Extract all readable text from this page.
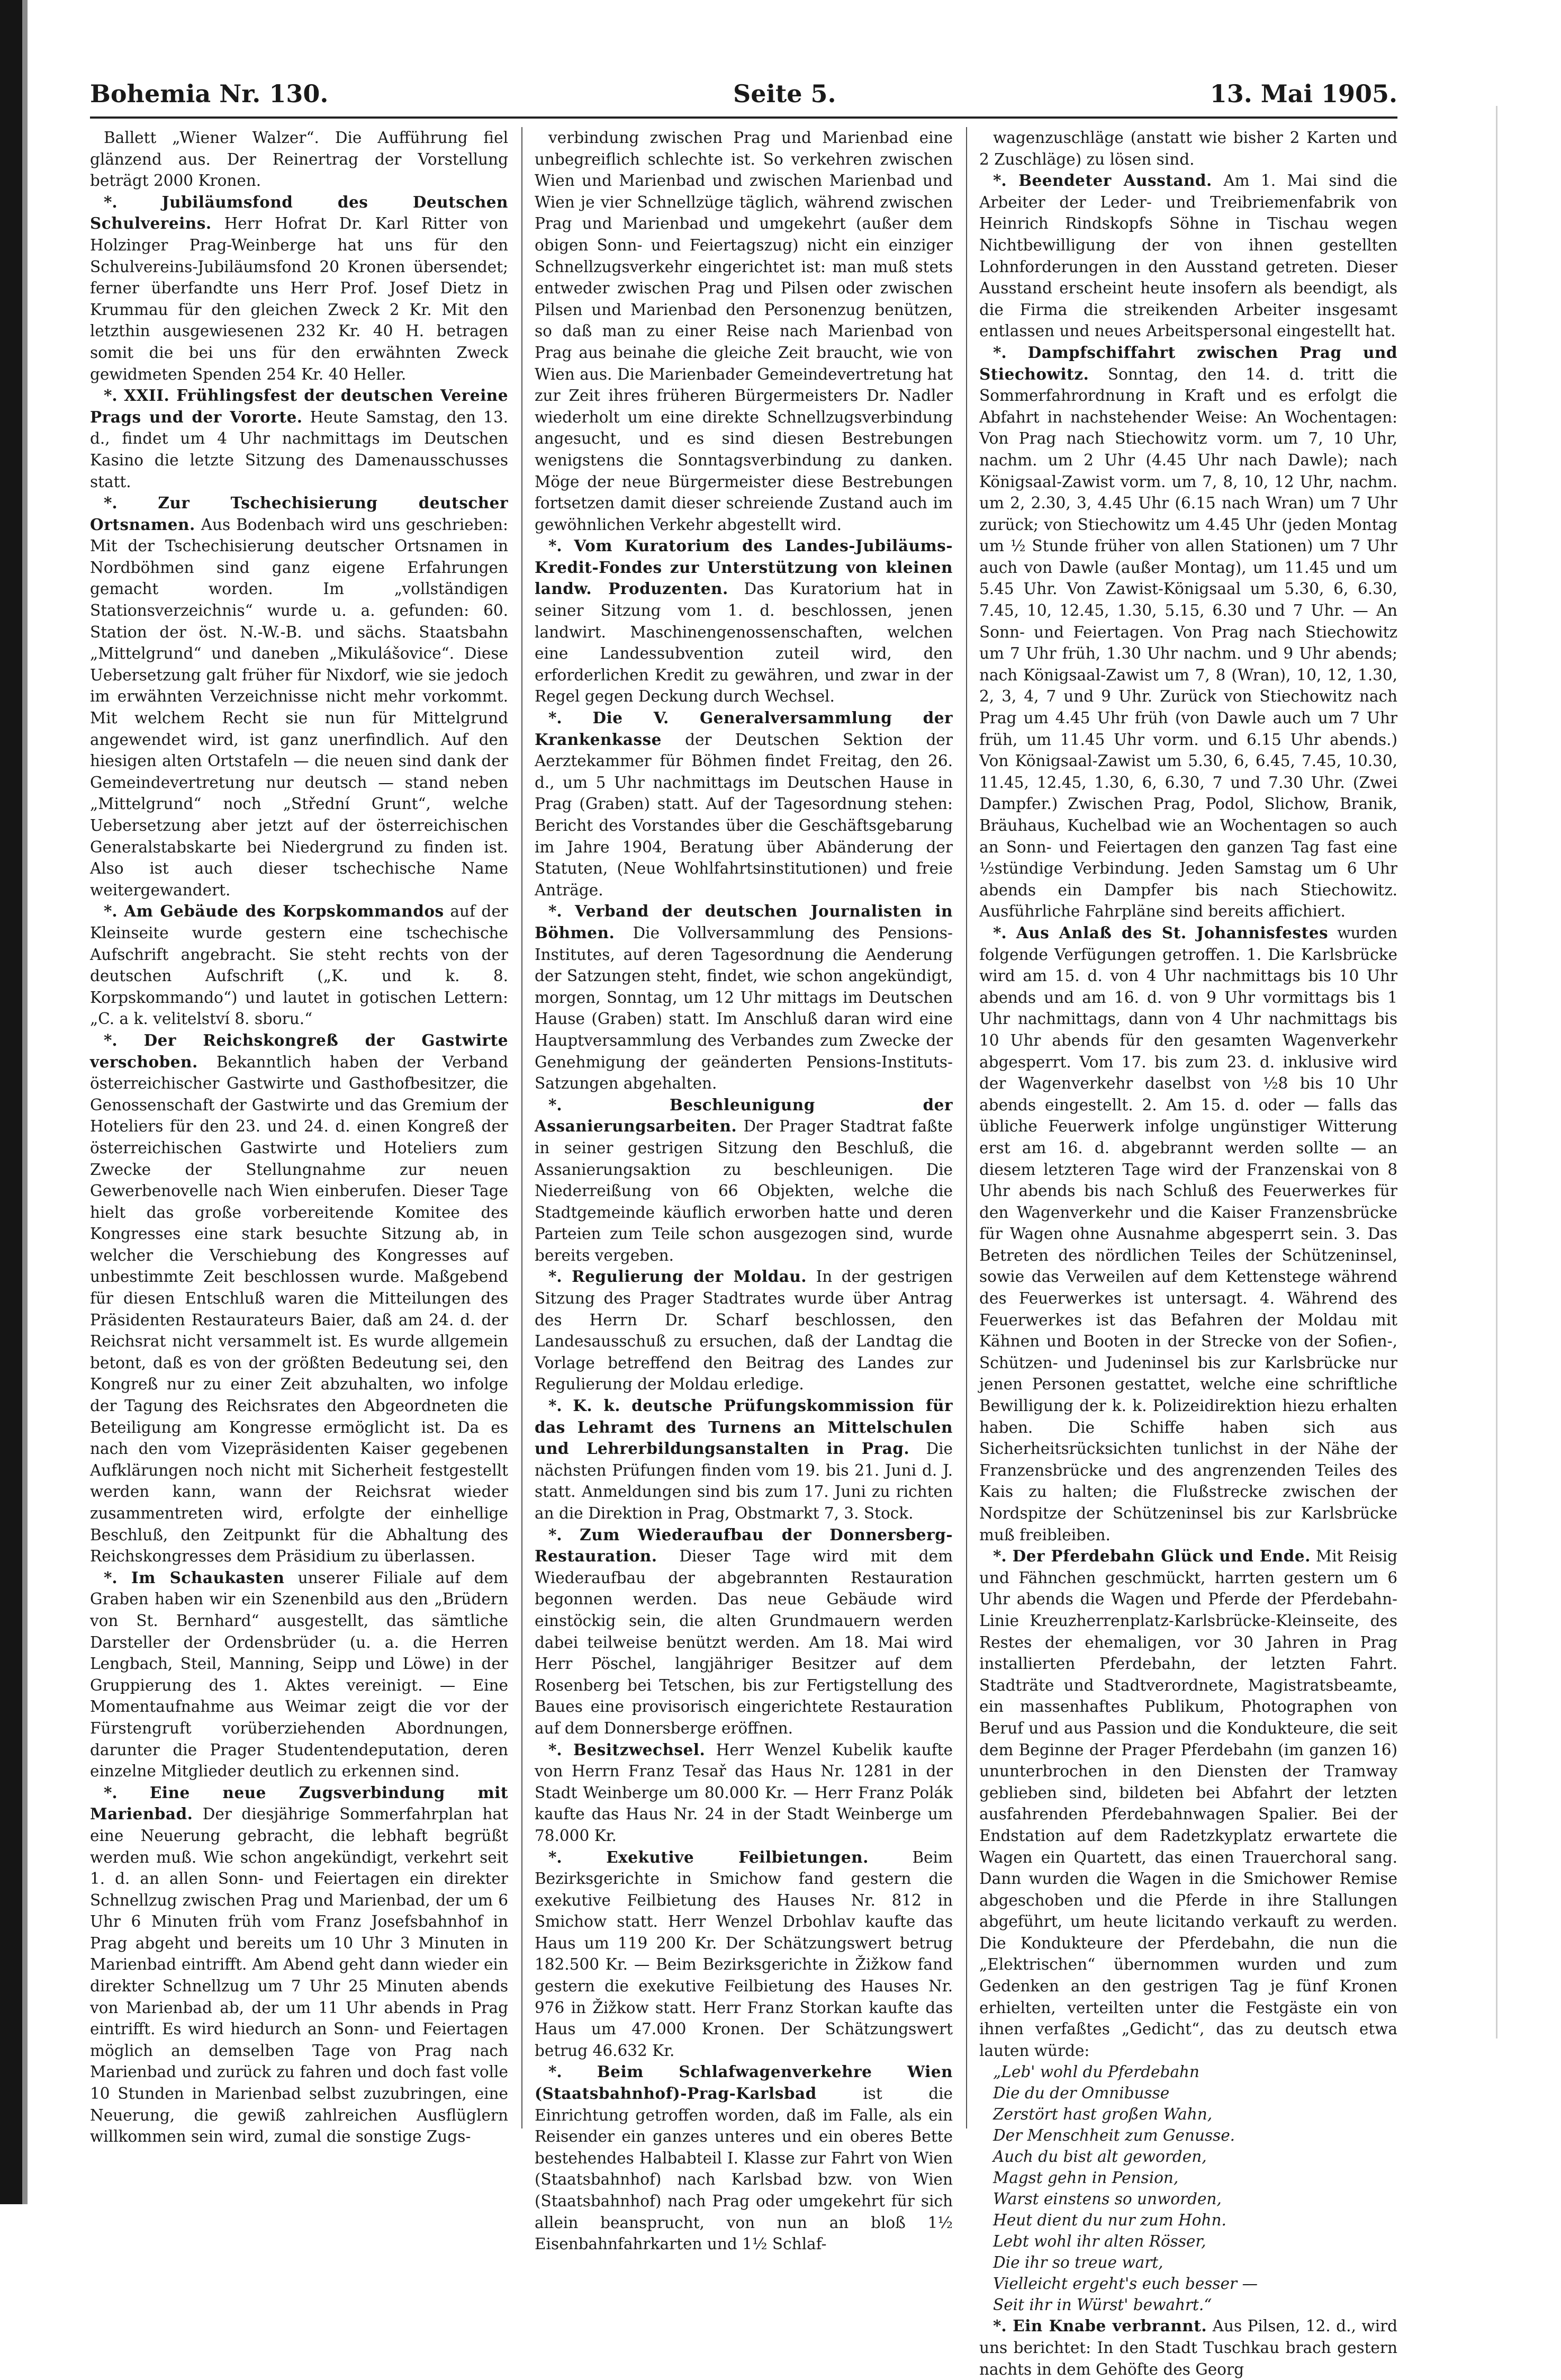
Bohemia Nr. 130.	Seite 5.	13. Mai 1905.

Ballett „Wiener Walzer“. Die Aufführung fiel glänzend aus. Der Reinertrag der Vorstellung beträgt 2000 Kronen.

*. Jubiläumsfond des Deutschen Schulvereins. Herr Hofrat Dr. Karl Ritter von Holzinger Prag-Weinberge hat uns für den Schulvereins-Jubiläumsfond 20 Kronen übersendet; ferner überfandte uns Herr Prof. Josef Dietz in Krummau für den gleichen Zweck 2 Kr. Mit den letzthin ausgewiesenen 232 Kr. 40 H. betragen somit die bei uns für den erwähnten Zweck gewidmeten Spenden 254 Kr. 40 Heller.

*. XXII. Frühlingsfest der deutschen Vereine Prags und der Vororte. Heute Samstag, den 13. d., findet um 4 Uhr nachmittags im Deutschen Kasino die letzte Sitzung des Damenausschusses statt.

*. Zur Tschechisierung deutscher Ortsnamen. Aus Bodenbach wird uns geschrieben: Mit der Tschechisierung deutscher Ortsnamen in Nordböhmen sind ganz eigene Erfahrungen gemacht worden. Im „vollständigen Stationsverzeichnis“ wurde u. a. gefunden: 60. Station der öst. N.-W.-B. und sächs. Staatsbahn „Mittelgrund“ und daneben „Mikulášovice“. Diese Uebersetzung galt früher für Nixdorf, wie sie jedoch im erwähnten Verzeichnisse nicht mehr vorkommt. Mit welchem Recht sie nun für Mittelgrund angewendet wird, ist ganz unerfindlich. Auf den hiesigen alten Ortstafeln — die neuen sind dank der Gemeindevertretung nur deutsch — stand neben „Mittelgrund“ noch „Střední Grunt“, welche Uebersetzung aber jetzt auf der österreichischen Generalstabskarte bei Niedergrund zu finden ist. Also ist auch dieser tschechische Name weitergewandert.

*. Am Gebäude des Korpskommandos auf der Kleinseite wurde gestern eine tschechische Aufschrift angebracht. Sie steht rechts von der deutschen Aufschrift („K. und k. 8. Korpskommando“) und lautet in gotischen Lettern: „C. a k. velitelství 8. sboru.“

*. Der Reichskongreß der Gastwirte verschoben. Bekanntlich haben der Verband österreichischer Gastwirte und Gasthofbesitzer, die Genossenschaft der Gastwirte und das Gremium der Hoteliers für den 23. und 24. d. einen Kongreß der österreichischen Gastwirte und Hoteliers zum Zwecke der Stellungnahme zur neuen Gewerbenovelle nach Wien einberufen. Dieser Tage hielt das große vorbereitende Komitee des Kongresses eine stark besuchte Sitzung ab, in welcher die Verschiebung des Kongresses auf unbestimmte Zeit beschlossen wurde. Maßgebend für diesen Entschluß waren die Mitteilungen des Präsidenten Restaurateurs Baier, daß am 24. d. der Reichsrat nicht versammelt ist. Es wurde allgemein betont, daß es von der größten Bedeutung sei, den Kongreß nur zu einer Zeit abzuhalten, wo infolge der Tagung des Reichsrates den Abgeordneten die Beteiligung am Kongresse ermöglicht ist. Da es nach den vom Vizepräsidenten Kaiser gegebenen Aufklärungen noch nicht mit Sicherheit festgestellt werden kann, wann der Reichsrat wieder zusammentreten wird, erfolgte der einhellige Beschluß, den Zeitpunkt für die Abhaltung des Reichskongresses dem Präsidium zu überlassen.

*. Im Schaukasten unserer Filiale auf dem Graben haben wir ein Szenenbild aus den „Brüdern von St. Bernhard“ ausgestellt, das sämtliche Darsteller der Ordensbrüder (u. a. die Herren Lengbach, Steil, Manning, Seipp und Löwe) in der Gruppierung des 1. Aktes vereinigt. — Eine Momentaufnahme aus Weimar zeigt die vor der Fürstengruft vorüberziehenden Abordnungen, darunter die Prager Studentendeputation, deren einzelne Mitglieder deutlich zu erkennen sind.

*. Eine neue Zugsverbindung mit Marienbad. Der diesjährige Sommerfahrplan hat eine Neuerung gebracht, die lebhaft begrüßt werden muß. Wie schon angekündigt, verkehrt seit 1. d. an allen Sonn- und Feiertagen ein direkter Schnellzug zwischen Prag und Marienbad, der um 6 Uhr 6 Minuten früh vom Franz Josefsbahnhof in Prag abgeht und bereits um 10 Uhr 3 Minuten in Marienbad eintrifft. Am Abend geht dann wieder ein direkter Schnellzug um 7 Uhr 25 Minuten abends von Marienbad ab, der um 11 Uhr abends in Prag eintrifft. Es wird hiedurch an Sonn- und Feiertagen möglich an demselben Tage von Prag nach Marienbad und zurück zu fahren und doch fast volle 10 Stunden in Marienbad selbst zuzubringen, eine Neuerung, die gewiß zahlreichen Ausflüglern willkommen sein wird, zumal die sonstige Zugs-

verbindung zwischen Prag und Marienbad eine unbegreiflich schlechte ist. So verkehren zwischen Wien und Marienbad und zwischen Marienbad und Wien je vier Schnellzüge täglich, während zwischen Prag und Marienbad und umgekehrt (außer dem obigen Sonn- und Feiertagszug) nicht ein einziger Schnellzugsverkehr eingerichtet ist: man muß stets entweder zwischen Prag und Pilsen oder zwischen Pilsen und Marienbad den Personenzug benützen, so daß man zu einer Reise nach Marienbad von Prag aus beinahe die gleiche Zeit braucht, wie von Wien aus. Die Marienbader Gemeindevertretung hat zur Zeit ihres früheren Bürgermeisters Dr. Nadler wiederholt um eine direkte Schnellzugsverbindung angesucht, und es sind diesen Bestrebungen wenigstens die Sonntagsverbindung zu danken. Möge der neue Bürgermeister diese Bestrebungen fortsetzen damit dieser schreiende Zustand auch im gewöhnlichen Verkehr abgestellt wird.

*. Vom Kuratorium des Landes-Jubiläums-Kredit-Fondes zur Unterstützung von kleinen landw. Produzenten. Das Kuratorium hat in seiner Sitzung vom 1. d. beschlossen, jenen landwirt. Maschinengenossenschaften, welchen eine Landessubvention zuteil wird, den erforderlichen Kredit zu gewähren, und zwar in der Regel gegen Deckung durch Wechsel.

*. Die V. Generalversammlung der Krankenkasse der Deutschen Sektion der Aerztekammer für Böhmen findet Freitag, den 26. d., um 5 Uhr nachmittags im Deutschen Hause in Prag (Graben) statt. Auf der Tagesordnung stehen: Bericht des Vorstandes über die Geschäftsgebarung im Jahre 1904, Beratung über Abänderung der Statuten, (Neue Wohlfahrtsinstitutionen) und freie Anträge.

*. Verband der deutschen Journalisten in Böhmen. Die Vollversammlung des Pensions-Institutes, auf deren Tagesordnung die Aenderung der Satzungen steht, findet, wie schon angekündigt, morgen, Sonntag, um 12 Uhr mittags im Deutschen Hause (Graben) statt. Im Anschluß daran wird eine Hauptversammlung des Verbandes zum Zwecke der Genehmigung der geänderten Pensions-Instituts-Satzungen abgehalten.

*. Beschleunigung der Assanierungsarbeiten. Der Prager Stadtrat faßte in seiner gestrigen Sitzung den Beschluß, die Assanierungsaktion zu beschleunigen. Die Niederreißung von 66 Objekten, welche die Stadtgemeinde käuflich erworben hatte und deren Parteien zum Teile schon ausgezogen sind, wurde bereits vergeben.

*. Regulierung der Moldau. In der gestrigen Sitzung des Prager Stadtrates wurde über Antrag des Herrn Dr. Scharf beschlossen, den Landesausschuß zu ersuchen, daß der Landtag die Vorlage betreffend den Beitrag des Landes zur Regulierung der Moldau erledige.

*. K. k. deutsche Prüfungskommission für das Lehramt des Turnens an Mittelschulen und Lehrerbildungsanstalten in Prag. Die nächsten Prüfungen finden vom 19. bis 21. Juni d. J. statt. Anmeldungen sind bis zum 17. Juni zu richten an die Direktion in Prag, Obstmarkt 7, 3. Stock.

*. Zum Wiederaufbau der Donnersberg-Restauration. Dieser Tage wird mit dem Wiederaufbau der abgebrannten Restauration begonnen werden. Das neue Gebäude wird einstöckig sein, die alten Grundmauern werden dabei teilweise benützt werden. Am 18. Mai wird Herr Pöschel, langjähriger Besitzer auf dem Rosenberg bei Tetschen, bis zur Fertigstellung des Baues eine provisorisch eingerichtete Restauration auf dem Donnersberge eröffnen.

*. Besitzwechsel. Herr Wenzel Kubelik kaufte von Herrn Franz Tesař das Haus Nr. 1281 in der Stadt Weinberge um 80.000 Kr. — Herr Franz Polák kaufte das Haus Nr. 24 in der Stadt Weinberge um 78.000 Kr.

*. Exekutive Feilbietungen.	Beim Bezirksgerichte in Smichow fand gestern die exekutive Feilbietung des Hauses Nr. 812 in Smichow statt. Herr Wenzel Drbohlav kaufte das Haus um 119 200 Kr. Der Schätzungswert betrug 182.500 Kr. — Beim Bezirksgerichte in Žižkow fand gestern die exekutive Feilbietung des Hauses Nr. 976 in Žižkow statt. Herr Franz Storkan kaufte das Haus um 47.000 Kronen. Der Schätzungswert betrug 46.632 Kr.

*. Beim Schlafwagenverkehre Wien (Staatsbahnhof)-Prag-Karlsbad	ist die Einrichtung getroffen worden, daß im Falle, als ein Reisender ein ganzes unteres und ein oberes Bette bestehendes Halbabteil I. Klasse zur Fahrt von Wien (Staatsbahnhof) nach Karlsbad bzw. von Wien (Staatsbahnhof) nach Prag oder umgekehrt für sich allein beansprucht, von nun an bloß 1½ Eisenbahnfahrkarten und 1½ Schlaf-

wagenzuschläge (anstatt wie bisher 2 Karten und 2 Zuschläge) zu lösen sind.

*. Beendeter Ausstand. Am 1. Mai sind die Arbeiter der Leder- und Treibriemenfabrik von Heinrich Rindskopfs Söhne in Tischau wegen Nichtbewilligung der von ihnen gestellten Lohnforderungen in den Ausstand getreten. Dieser Ausstand erscheint heute insofern als beendigt, als die Firma die streikenden Arbeiter insgesamt entlassen und neues Arbeitspersonal eingestellt hat.

*. Dampfschiffahrt zwischen Prag und Stiechowitz. Sonntag, den 14. d. tritt die Sommerfahrordnung in Kraft und es erfolgt die Abfahrt in nachstehender Weise: An Wochentagen: Von Prag nach Stiechowitz vorm. um 7, 10 Uhr, nachm. um 2 Uhr (4.45 Uhr nach Dawle); nach Königsaal-Zawist vorm. um 7, 8, 10, 12 Uhr, nachm. um 2, 2.30, 3, 4.45 Uhr (6.15 nach Wran) um 7 Uhr zurück; von Stiechowitz um 4.45 Uhr (jeden Montag um ½ Stunde früher von allen Stationen) um 7 Uhr auch von Dawle (außer Montag), um 11.45 und um 5.45 Uhr. Von Zawist-Königsaal um 5.30, 6, 6.30, 7.45, 10, 12.45, 1.30, 5.15, 6.30 und 7 Uhr. — An Sonn- und Feiertagen. Von Prag nach Stiechowitz um 7 Uhr früh, 1.30 Uhr nachm. und 9 Uhr abends; nach Königsaal-Zawist um 7, 8 (Wran), 10, 12, 1.30, 2, 3, 4, 7 und 9 Uhr. Zurück von Stiechowitz nach Prag um 4.45 Uhr früh (von Dawle auch um 7 Uhr früh, um 11.45 Uhr vorm. und 6.15 Uhr abends.) Von Königsaal-Zawist um 5.30, 6, 6.45, 7.45, 10.30, 11.45, 12.45, 1.30, 6, 6.30, 7 und 7.30 Uhr. (Zwei Dampfer.) Zwischen Prag, Podol, Slichow, Branik, Bräuhaus, Kuchelbad wie an Wochentagen so auch an Sonn- und Feiertagen den ganzen Tag fast eine ½stündige Verbindung. Jeden Samstag um 6 Uhr abends ein Dampfer bis nach Stiechowitz. Ausführliche Fahrpläne sind bereits affichiert.

*. Aus Anlaß des St. Johannisfestes wurden folgende Verfügungen getroffen. 1. Die Karlsbrücke wird am 15. d. von 4 Uhr nachmittags bis 10 Uhr abends und am 16. d. von 9 Uhr vormittags bis 1 Uhr nachmittags, dann von 4 Uhr nachmittags bis 10 Uhr abends für den gesamten Wagenverkehr abgesperrt. Vom 17. bis zum 23. d. inklusive wird der Wagenverkehr daselbst von ½8 bis 10 Uhr abends eingestellt. 2. Am 15. d. oder — falls das übliche Feuerwerk infolge ungünstiger Witterung erst am 16. d. abgebrannt werden sollte — an diesem letzteren Tage wird der Franzenskai von 8 Uhr abends bis nach Schluß des Feuerwerkes für den Wagenverkehr und die Kaiser Franzensbrücke für Wagen ohne Ausnahme abgesperrt sein. 3. Das Betreten des nördlichen Teiles der Schützeninsel, sowie das Verweilen auf dem Kettenstege während des Feuerwerkes ist untersagt. 4. Während des Feuerwerkes ist das Befahren der Moldau mit Kähnen und Booten in der Strecke von der Sofien-, Schützen- und Judeninsel bis zur Karlsbrücke nur jenen Personen gestattet, welche eine schriftliche Bewilligung der k. k. Polizeidirektion hiezu erhalten haben. Die Schiffe haben sich aus Sicherheitsrücksichten tunlichst in der Nähe der Franzensbrücke und des angrenzenden Teiles des Kais zu halten; die Flußstrecke zwischen der Nordspitze der Schützeninsel bis zur Karlsbrücke muß freibleiben.

*. Der Pferdebahn Glück und Ende. Mit Reisig und Fähnchen geschmückt, harrten gestern um 6 Uhr abends die Wagen und Pferde der Pferdebahn-Linie Kreuzherrenplatz-Karlsbrücke-Kleinseite, des Restes der ehemaligen, vor 30 Jahren in Prag installierten Pferdebahn, der letzten Fahrt. Stadträte und Stadtverordnete, Magistratsbeamte, ein massenhaftes Publikum, Photographen von Beruf und aus Passion und die Kondukteure, die seit dem Beginne der Prager Pferdebahn (im ganzen 16) ununterbrochen in den Diensten der Tramway geblieben sind, bildeten bei Abfahrt der letzten ausfahrenden Pferdebahnwagen Spalier. Bei der Endstation auf dem Radetzkyplatz erwartete die Wagen ein Quartett, das einen Trauerchoral sang. Dann wurden die Wagen in die Smichower Remise abgeschoben und die Pferde in ihre Stallungen abgeführt, um heute licitando verkauft zu werden. Die Kondukteure der Pferdebahn, die nun die „Elektrischen“ übernommen wurden und zum Gedenken an den gestrigen Tag je fünf Kronen erhielten, verteilten unter die Festgäste ein von ihnen verfaßtes „Gedicht“, das zu deutsch etwa lauten würde:

„Leb' wohl du Pferdebahn
Die du der Omnibusse
Zerstört hast großen Wahn,
Der Menschheit zum Genusse.
Auch du bist alt geworden,
Magst gehn in Pension,
Warst einstens so unworden,
Heut dient du nur zum Hohn.
Lebt wohl ihr alten Rösser,
Die ihr so treue wart,
Vielleicht ergeht's euch besser —
Seit ihr in Würst' bewahrt.“

*. Ein Knabe verbrannt. Aus Pilsen, 12. d., wird uns berichtet: In den Stadt Tuschkau brach gestern nachts in dem Gehöfte des Georg
